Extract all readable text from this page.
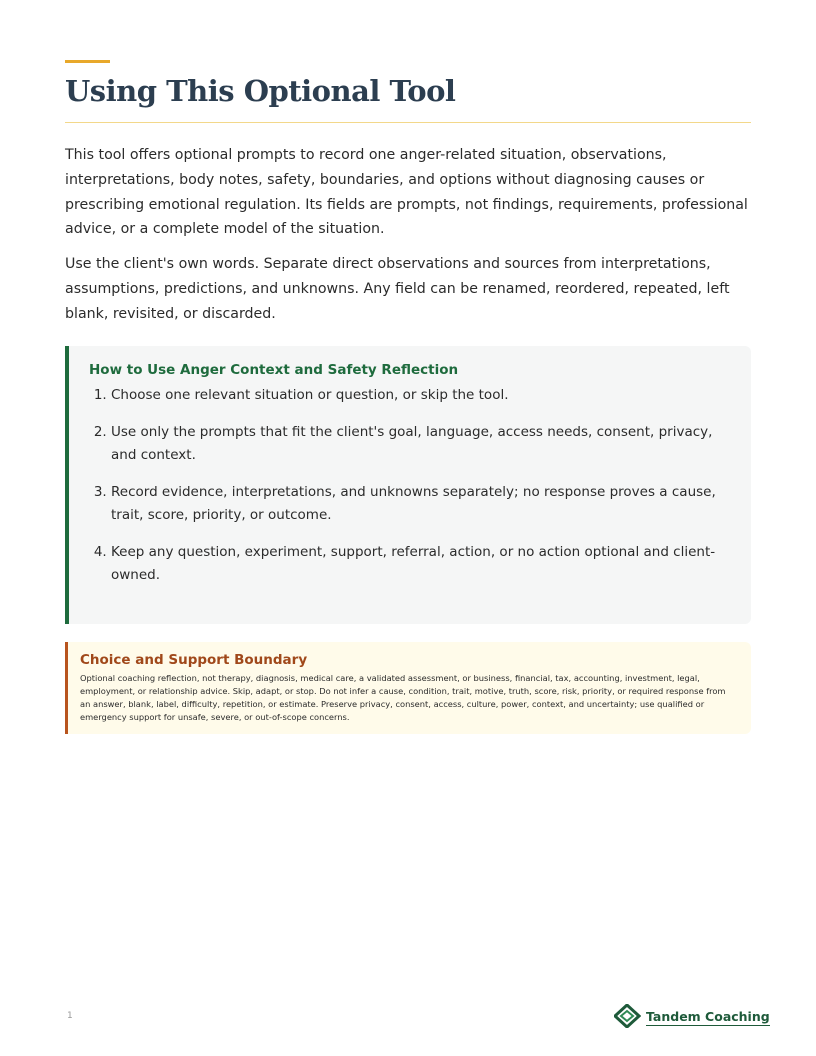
Using This Optional Tool

This tool offers optional prompts to record one anger-related situation, observations, interpretations, body notes, safety, boundaries, and options without diagnosing causes or prescribing emotional regulation. Its fields are prompts, not findings, requirements, professional advice, or a complete model of the situation.

Use the client's own words. Separate direct observations and sources from interpretations, assumptions, predictions, and unknowns. Any field can be renamed, reordered, repeated, left blank, revisited, or discarded.

How to Use Anger Context and Safety Reflection
1. Choose one relevant situation or question, or skip the tool.
2. Use only the prompts that fit the client's goal, language, access needs, consent, privacy, and context.
3. Record evidence, interpretations, and unknowns separately; no response proves a cause, trait, score, priority, or outcome.
4. Keep any question, experiment, support, referral, action, or no action optional and client-owned.
Choice and Support Boundary

Optional coaching reflection, not therapy, diagnosis, medical care, a validated assessment, or business, financial, tax, accounting, investment, legal, employment, or relationship advice. Skip, adapt, or stop. Do not infer a cause, condition, trait, motive, truth, score, risk, priority, or required response from an answer, blank, label, difficulty, repetition, or estimate. Preserve privacy, consent, access, culture, power, context, and uncertainty; use qualified or emergency support for unsafe, severe, or out-of-scope concerns.

1	Tandem Coaching
